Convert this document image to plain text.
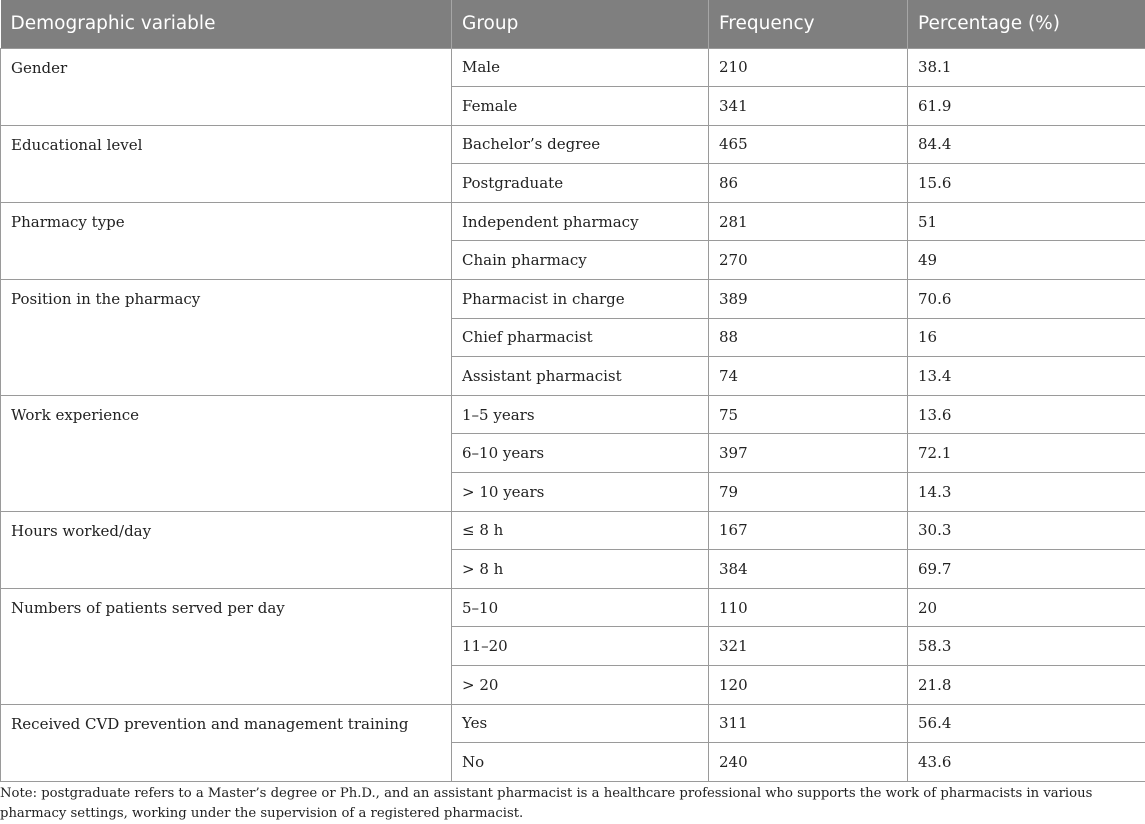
Demographic variable	Group	Frequency	Percentage (%)
Gender	Male	210	38.1
	Female	341	61.9
Educational level	Bachelor’s degree	465	84.4
	Postgraduate	86	15.6
Pharmacy type	Independent pharmacy	281	51
	Chain pharmacy	270	49
Position in the pharmacy	Pharmacist in charge	389	70.6
	Chief pharmacist	88	16
	Assistant pharmacist	74	13.4
Work experience	1–5 years	75	13.6
	6–10 years	397	72.1
	> 10 years	79	14.3
Hours worked/day	≤ 8 h	167	30.3
	> 8 h	384	69.7
Numbers of patients served per day	5–10	110	20
	11–20	321	58.3
	> 20	120	21.8
Received CVD prevention and management training	Yes	311	56.4
	No	240	43.6
Note: postgraduate refers to a Master’s degree or Ph.D., and an assistant pharmacist is a healthcare professional who supports the work of pharmacists in various pharmacy settings, working under the supervision of a registered pharmacist.
